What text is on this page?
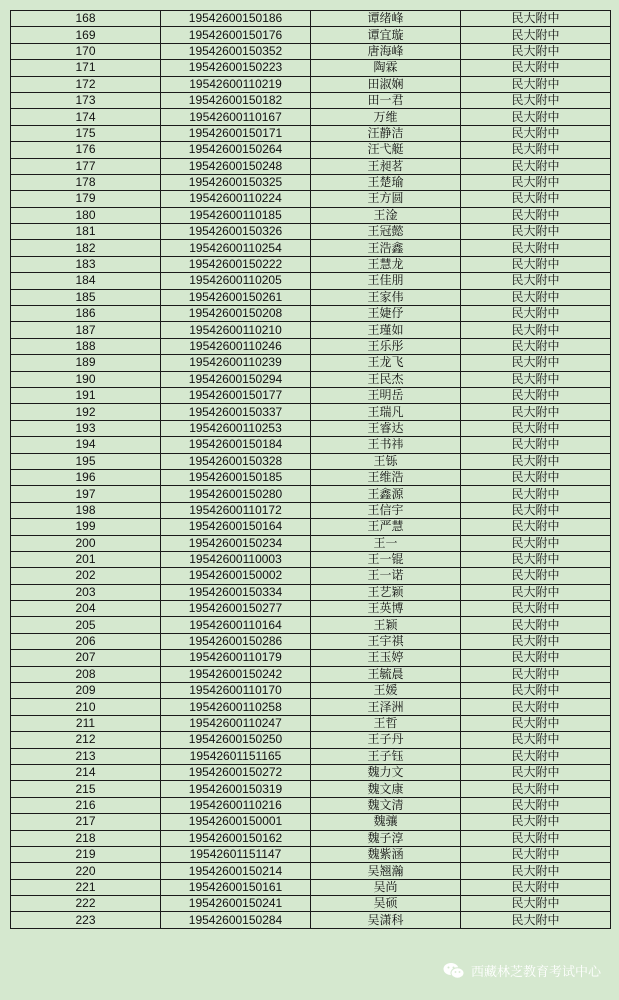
168	19542600150186	谭绪峰	民大附中
169	19542600150176	谭宜璇	民大附中
170	19542600150352	唐海峰	民大附中
171	19542600150223	陶霖	民大附中
172	19542600110219	田淑娴	民大附中
173	19542600150182	田一君	民大附中
174	19542600110167	万维	民大附中
175	19542600150171	汪静洁	民大附中
176	19542600150264	汪弋艇	民大附中
177	19542600150248	王昶茗	民大附中
178	19542600150325	王楚瑜	民大附中
179	19542600110224	王方圆	民大附中
180	19542600110185	王淦	民大附中
181	19542600150326	王冠懿	民大附中
182	19542600110254	王浩鑫	民大附中
183	19542600150222	王慧龙	民大附中
184	19542600110205	王佳朋	民大附中
185	19542600150261	王家伟	民大附中
186	19542600150208	王婕伃	民大附中
187	19542600110210	王瑾如	民大附中
188	19542600110246	王乐彤	民大附中
189	19542600110239	王龙飞	民大附中
190	19542600150294	王民杰	民大附中
191	19542600150177	王明岳	民大附中
192	19542600150337	王瑞凡	民大附中
193	19542600110253	王睿达	民大附中
194	19542600150184	王书祎	民大附中
195	19542600150328	王铄	民大附中
196	19542600150185	王维浩	民大附中
197	19542600150280	王鑫源	民大附中
198	19542600110172	王信宇	民大附中
199	19542600150164	王严慧	民大附中
200	19542600150234	王一	民大附中
201	19542600110003	王一锟	民大附中
202	19542600150002	王一诺	民大附中
203	19542600150334	王艺颖	民大附中
204	19542600150277	王英博	民大附中
205	19542600110164	王颖	民大附中
206	19542600150286	王宇祺	民大附中
207	19542600110179	王玉婷	民大附中
208	19542600150242	王毓晨	民大附中
209	19542600110170	王媛	民大附中
210	19542600110258	王泽洲	民大附中
211	19542600110247	王哲	民大附中
212	19542600150250	王子丹	民大附中
213	19542601151165	王子钰	民大附中
214	19542600150272	魏力文	民大附中
215	19542600150319	魏文康	民大附中
216	19542600110216	魏文清	民大附中
217	19542600150001	魏骧	民大附中
218	19542600150162	魏子淳	民大附中
219	19542601151147	魏紫涵	民大附中
220	19542600150214	吴翘瀚	民大附中
221	19542600150161	吴尚	民大附中
222	19542600150241	吴硕	民大附中
223	19542600150284	吴潇科	民大附中
西藏林芝教育考试中心
